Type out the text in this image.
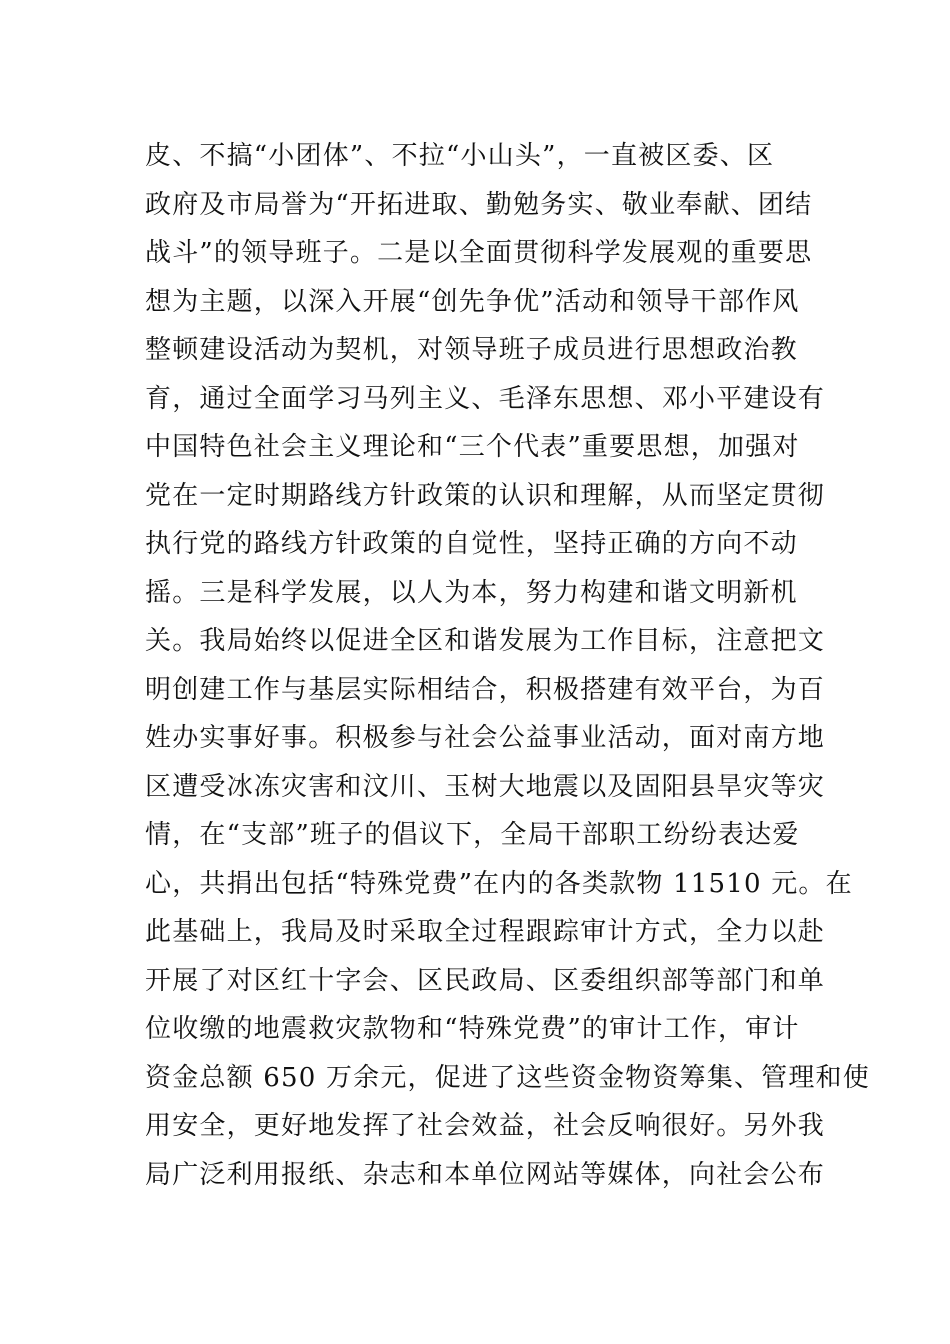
皮、不搞“小团体”、不拉“小山头”，一直被区委、区
政府及市局誉为“开拓进取、勤勉务实、敬业奉献、团结
战斗”的领导班子。二是以全面贯彻科学发展观的重要思
想为主题，以深入开展“创先争优”活动和领导干部作风
整顿建设活动为契机，对领导班子成员进行思想政治教
育，通过全面学习马列主义、毛泽东思想、邓小平建设有
中国特色社会主义理论和“三个代表”重要思想，加强对
党在一定时期路线方针政策的认识和理解，从而坚定贯彻
执行党的路线方针政策的自觉性，坚持正确的方向不动
摇。三是科学发展，以人为本，努力构建和谐文明新机
关。我局始终以促进全区和谐发展为工作目标，注意把文
明创建工作与基层实际相结合，积极搭建有效平台，为百
姓办实事好事。积极参与社会公益事业活动，面对南方地
区遭受冰冻灾害和汶川、玉树大地震以及固阳县旱灾等灾
情，在“支部”班子的倡议下，全局干部职工纷纷表达爱
心，共捐出包括“特殊党费”在内的各类款物 11510 元。在
此基础上，我局及时采取全过程跟踪审计方式，全力以赴
开展了对区红十字会、区民政局、区委组织部等部门和单
位收缴的地震救灾款物和“特殊党费”的审计工作，审计
资金总额 650 万余元，促进了这些资金物资筹集、管理和使
用安全，更好地发挥了社会效益，社会反响很好。另外我
局广泛利用报纸、杂志和本单位网站等媒体，向社会公布
